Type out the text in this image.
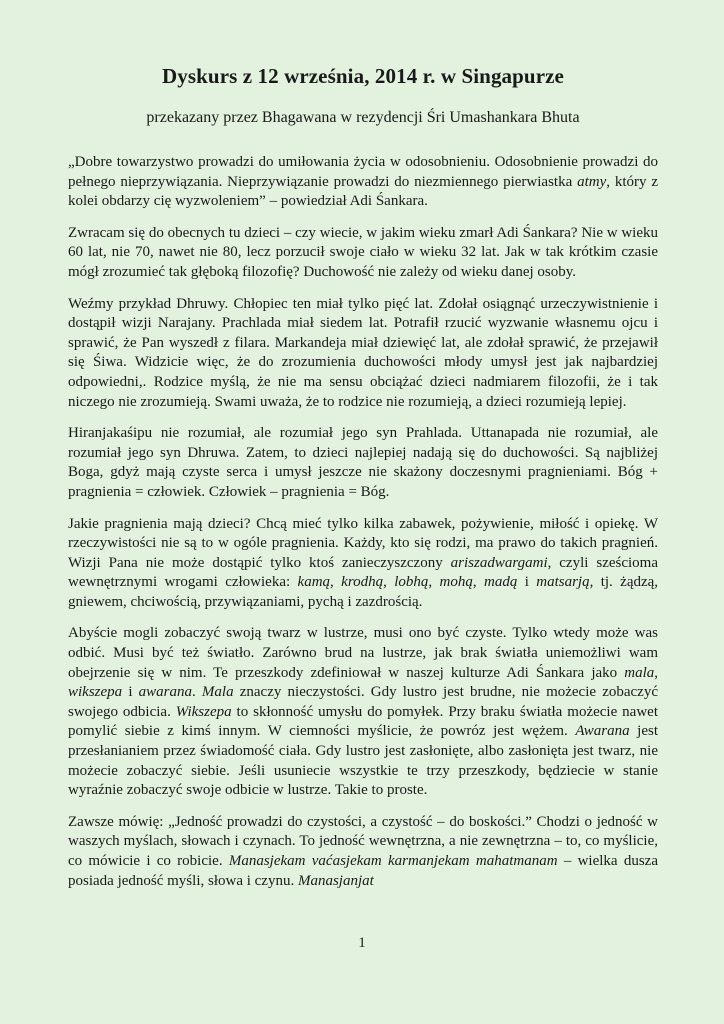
Dyskurs z 12 września, 2014 r. w Singapurze

przekazany przez Bhagawana w rezydencji Śri Umashankara Bhuta

„Dobre towarzystwo prowadzi do umiłowania życia w odosobnieniu. Odosobnienie prowadzi do pełnego nieprzywiązania. Nieprzywiązanie prowadzi do niezmiennego pierwiastka atmy, który z kolei obdarzy cię wyzwoleniem” – powiedział Adi Śankara.

Zwracam się do obecnych tu dzieci – czy wiecie, w jakim wieku zmarł Adi Śankara? Nie w wieku 60 lat, nie 70, nawet nie 80, lecz porzucił swoje ciało w wieku 32 lat. Jak w tak krótkim czasie mógł zrozumieć tak głęboką filozofię? Duchowość nie zależy od wieku danej osoby.

Weźmy przykład Dhruwy. Chłopiec ten miał tylko pięć lat. Zdołał osiągnąć urzeczywistnienie i dostąpił wizji Narajany. Prachlada miał siedem lat. Potrafił rzucić wyzwanie własnemu ojcu i sprawić, że Pan wyszedł z filara. Markandeja miał dziewięć lat, ale zdołał sprawić, że przejawił się Śiwa. Widzicie więc, że do zrozumienia duchowości młody umysł jest jak najbardziej odpowiedni,. Rodzice myślą, że nie ma sensu obciążać dzieci nadmiarem filozofii, że i tak niczego nie zrozumieją. Swami uważa, że to rodzice nie rozumieją, a dzieci rozumieją lepiej.

Hiranjakaśipu nie rozumiał, ale rozumiał jego syn Prahlada. Uttanapada nie rozumiał, ale rozumiał jego syn Dhruwa. Zatem, to dzieci najlepiej nadają się do duchowości. Są najbliżej Boga, gdyż mają czyste serca i umysł jeszcze nie skażony doczesnymi pragnieniami. Bóg + pragnienia = człowiek. Człowiek – pragnienia = Bóg.

Jakie pragnienia mają dzieci? Chcą mieć tylko kilka zabawek, pożywienie, miłość i opiekę. W rzeczywistości nie są to w ogóle pragnienia. Każdy, kto się rodzi, ma prawo do takich pragnień. Wizji Pana nie może dostąpić tylko ktoś zanieczyszczony ariszadwargami, czyli sześcioma wewnętrznymi wrogami człowieka: kamą, krodhą, lobhą, mohą, madą i matsarją, tj. żądzą, gniewem, chciwością, przywiązaniami, pychą i zazdrością.

Abyście mogli zobaczyć swoją twarz w lustrze, musi ono być czyste. Tylko wtedy może was odbić. Musi być też światło. Zarówno brud na lustrze, jak brak światła uniemożliwi wam obejrzenie się w nim. Te przeszkody zdefiniował w naszej kulturze Adi Śankara jako mala, wikszepa i awarana. Mala znaczy nieczystości. Gdy lustro jest brudne, nie możecie zobaczyć swojego odbicia. Wikszepa to skłonność umysłu do pomyłek. Przy braku światła możecie nawet pomylić siebie z kimś innym. W ciemności myślicie, że powróz jest wężem. Awarana jest przesłanianiem przez świadomość ciała. Gdy lustro jest zasłonięte, albo zasłonięta jest twarz, nie możecie zobaczyć siebie. Jeśli usuniecie wszystkie te trzy przeszkody, będziecie w stanie wyraźnie zobaczyć swoje odbicie w lustrze. Takie to proste.

Zawsze mówię: „Jedność prowadzi do czystości, a czystość – do boskości.” Chodzi o jedność w waszych myślach, słowach i czynach. To jedność wewnętrzna, a nie zewnętrzna – to, co myślicie, co mówicie i co robicie. Manasjekam vaćasjekam karmanjekam mahatmanam – wielka dusza posiada jedność myśli, słowa i czynu. Manasjanjat

1
